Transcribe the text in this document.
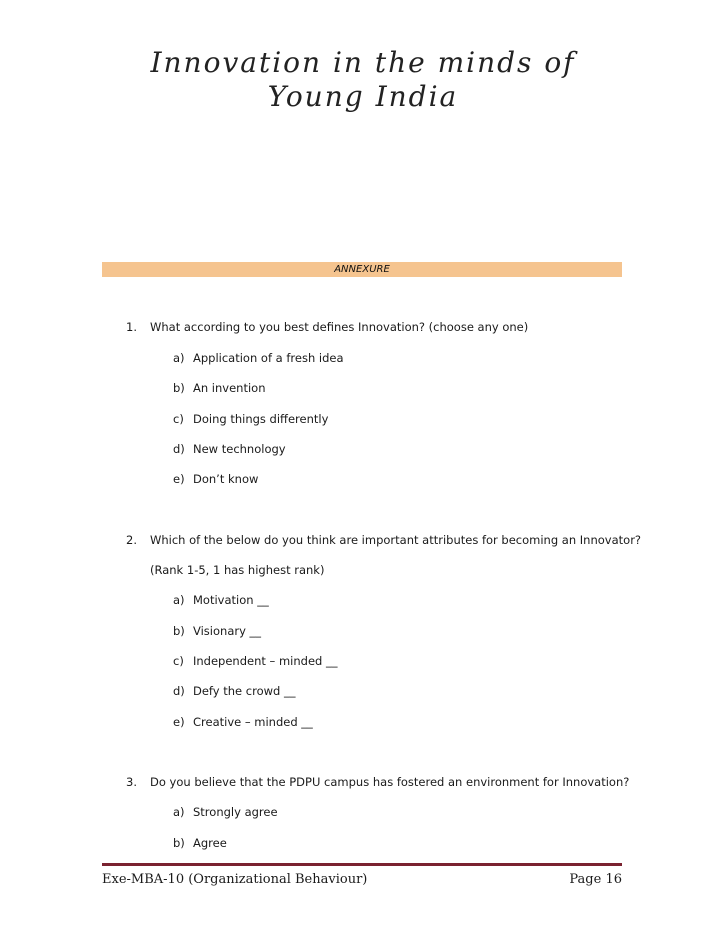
Innovation in the minds of Young India
ANNEXURE
1. What according to you best defines Innovation? (choose any one)
a) Application of a fresh idea
b) An invention
c) Doing things differently
d) New technology
e) Don’t know
2. Which of the below do you think are important attributes for becoming an Innovator?
(Rank 1-5, 1 has highest rank)
a) Motivation __
b) Visionary __
c) Independent – minded __
d) Defy the crowd __
e) Creative – minded __
3. Do you believe that the PDPU campus has fostered an environment for Innovation?
a) Strongly agree
b) Agree
Exe-MBA-10 (Organizational Behaviour)	Page 16
